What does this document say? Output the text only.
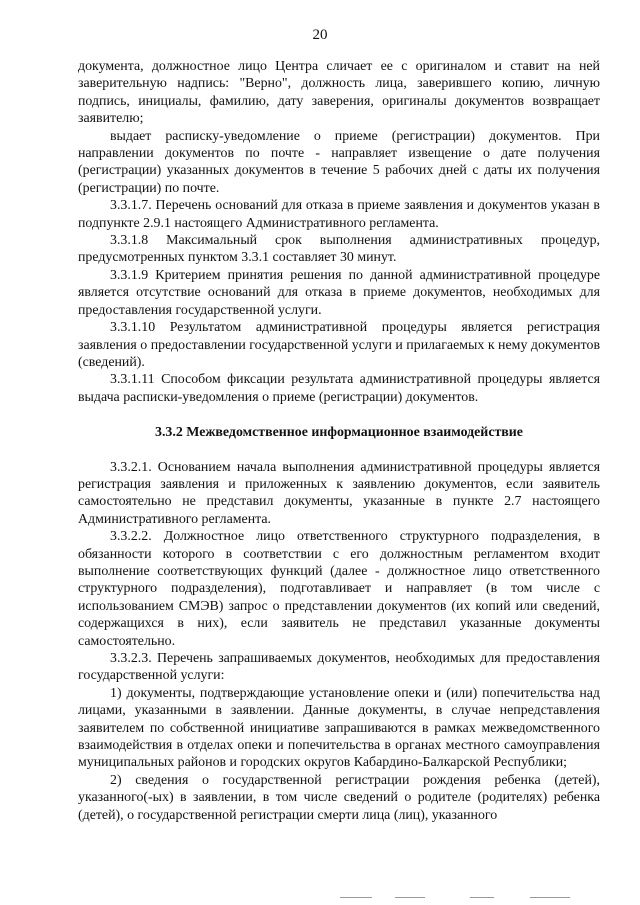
20

документа, должностное лицо Центра сличает ее с оригиналом и ставит на ней заверительную надпись: "Верно", должность лица, заверившего копию, личную подпись, инициалы, фамилию, дату заверения, оригиналы документов возвращает заявителю;

выдает расписку-уведомление о приеме (регистрации) документов. При направлении документов по почте - направляет извещение о дате получения (регистрации) указанных документов в течение 5 рабочих дней с даты их получения (регистрации) по почте.

3.3.1.7. Перечень оснований для отказа в приеме заявления и документов указан в подпункте 2.9.1 настоящего Административного регламента.

3.3.1.8 Максимальный срок выполнения административных процедур, предусмотренных пунктом 3.3.1 составляет 30 минут.

3.3.1.9 Критерием принятия решения по данной административной процедуре является отсутствие оснований для отказа в приеме документов, необходимых для предоставления государственной услуги.

3.3.1.10 Результатом административной процедуры является регистрация заявления о предоставлении государственной услуги и прилагаемых к нему документов (сведений).

3.3.1.11 Способом фиксации результата административной процедуры является выдача расписки-уведомления о приеме (регистрации) документов.

3.3.2 Межведомственное информационное взаимодействие

3.3.2.1. Основанием начала выполнения административной процедуры является регистрация заявления и приложенных к заявлению документов, если заявитель самостоятельно не представил документы, указанные в пункте 2.7 настоящего Административного регламента.

3.3.2.2. Должностное лицо ответственного структурного подразделения, в обязанности которого в соответствии с его должностным регламентом входит выполнение соответствующих функций (далее - должностное лицо ответственного структурного подразделения), подготавливает и направляет (в том числе с использованием СМЭВ) запрос о представлении документов (их копий или сведений, содержащихся в них), если заявитель не представил указанные документы самостоятельно.

3.3.2.3. Перечень запрашиваемых документов, необходимых для предоставления государственной услуги:

1) документы, подтверждающие установление опеки и (или) попечительства над лицами, указанными в заявлении. Данные документы, в случае непредставления заявителем по собственной инициативе запрашиваются в рамках межведомственного взаимодействия в отделах опеки и попечительства в органах местного самоуправления муниципальных районов и городских округов Кабардино-Балкарской Республики;

2) сведения о государственной регистрации рождения ребенка (детей), указанного(-ых) в заявлении, в том числе сведений о родителе (родителях) ребенка (детей), о государственной регистрации смерти лица (лиц), указанного
